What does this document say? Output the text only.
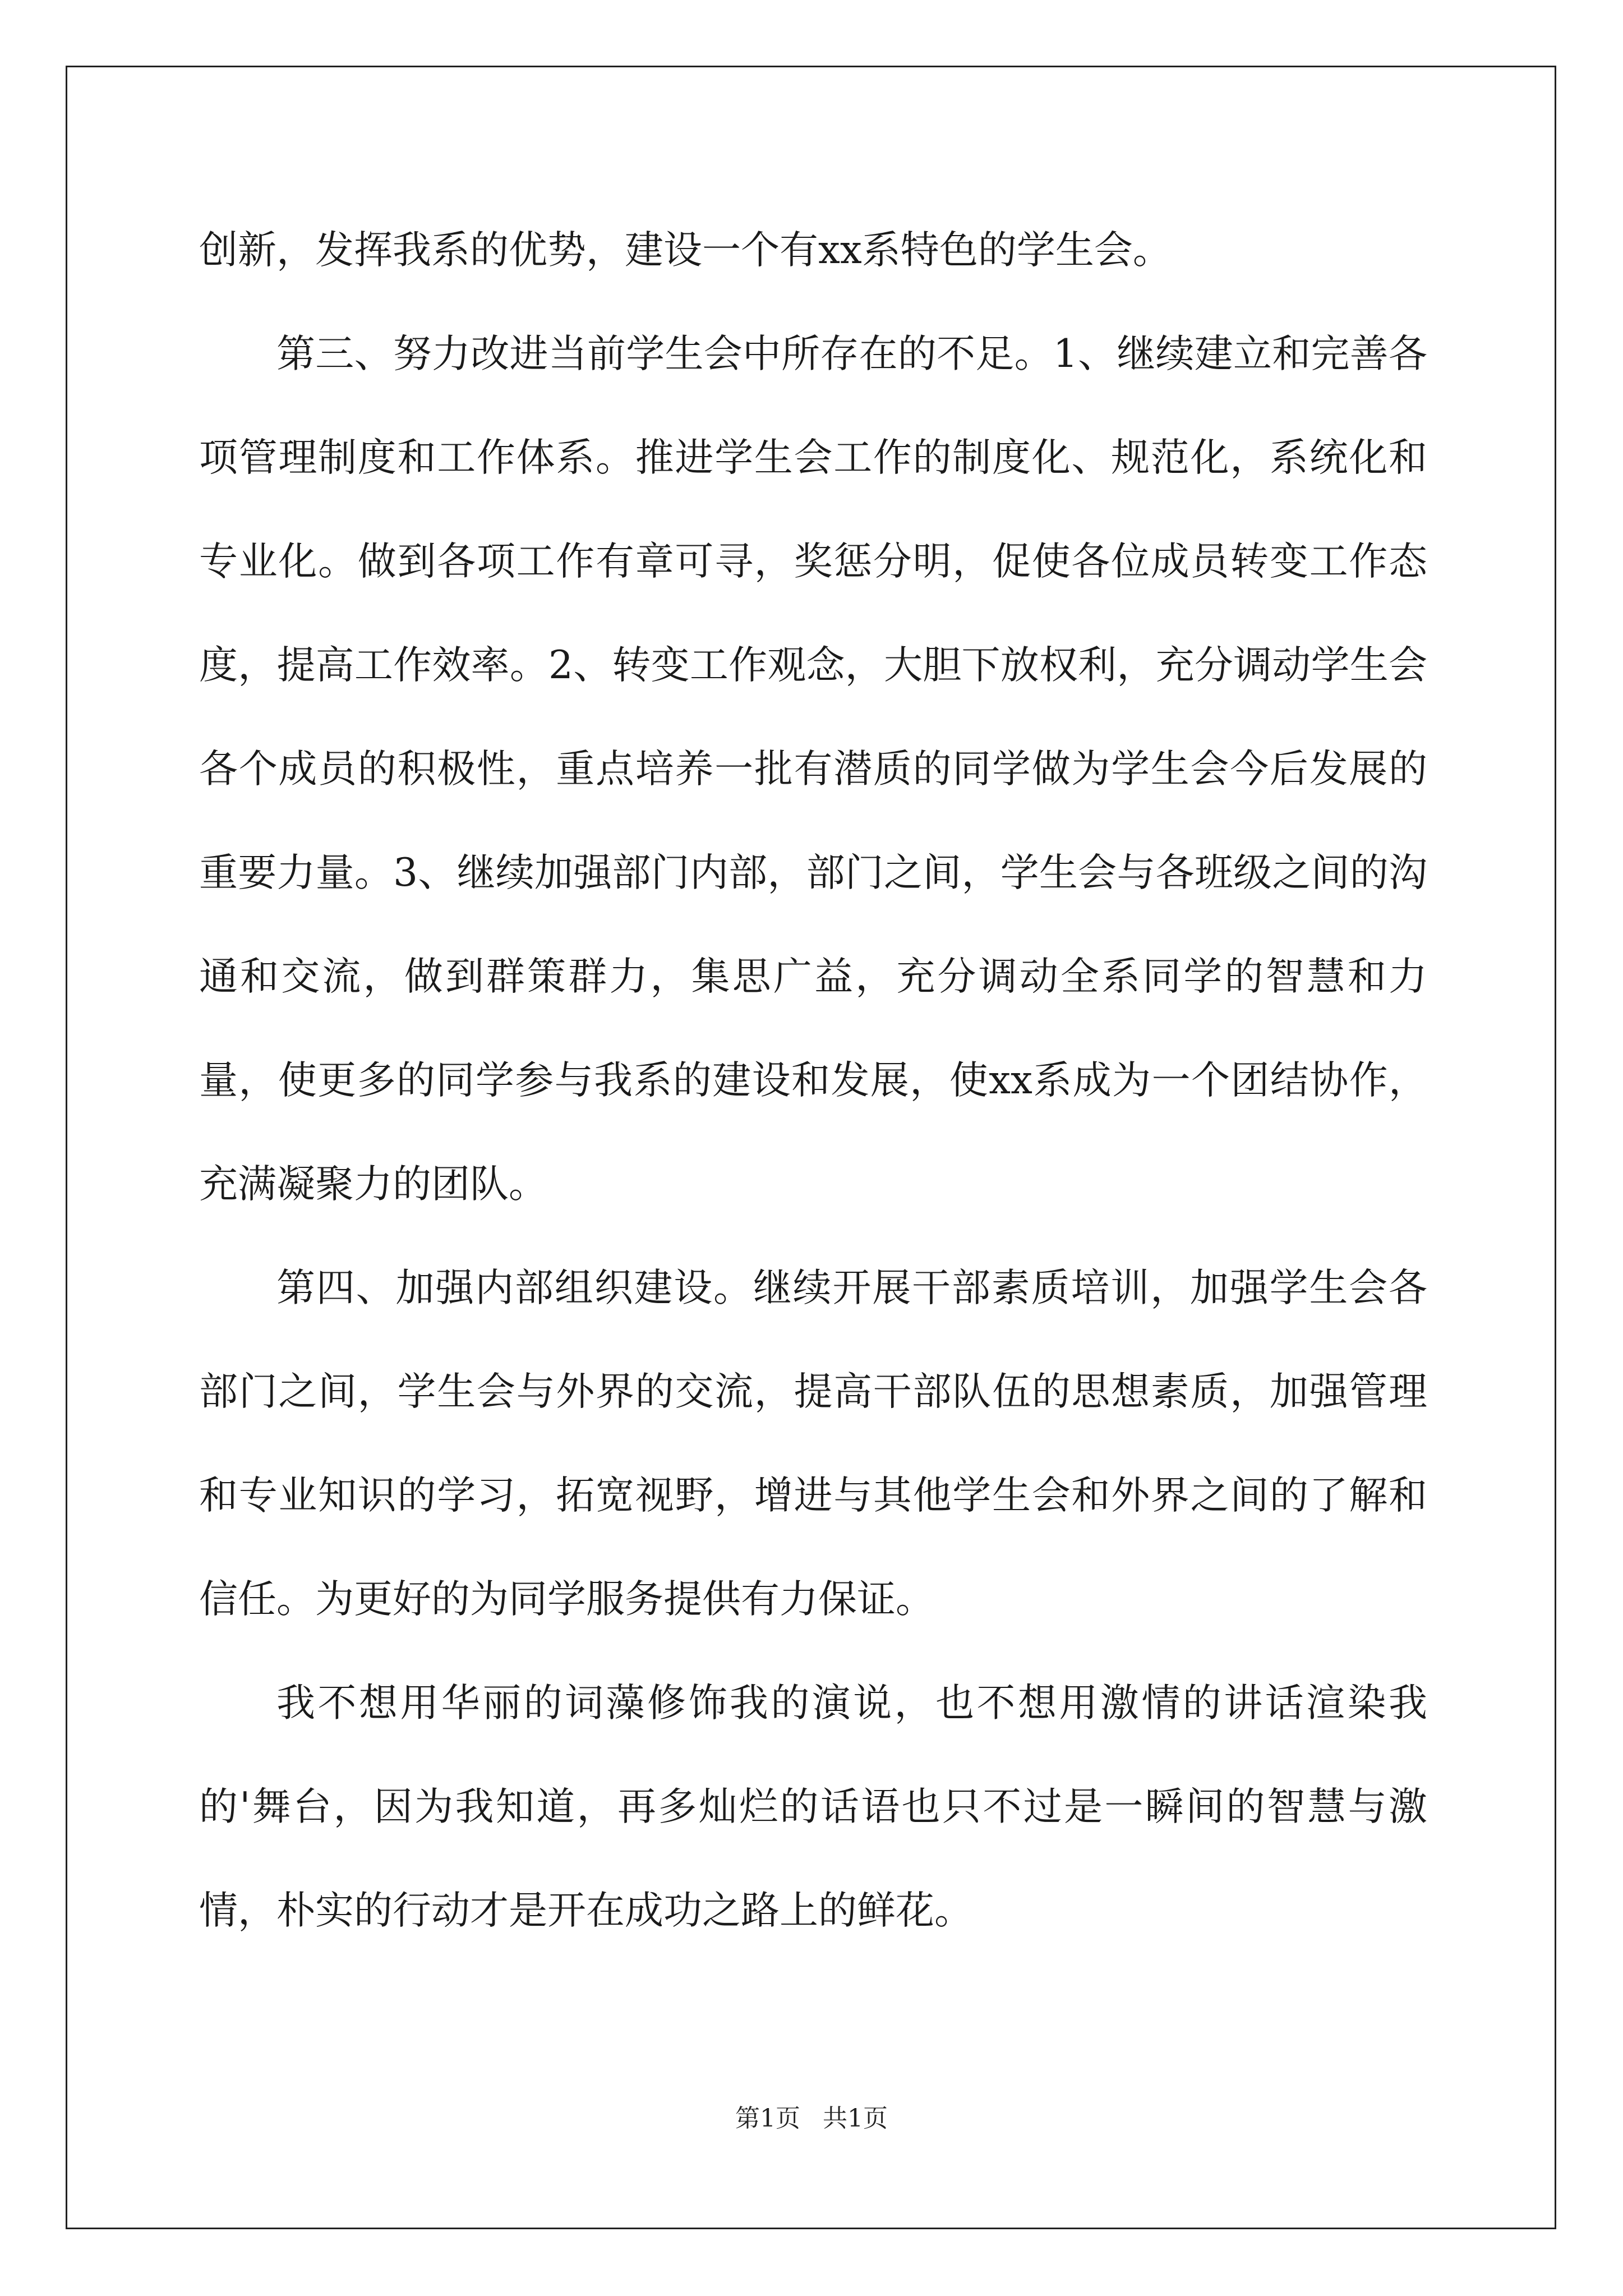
创新，发挥我系的优势，建设一个有xx系特色的学生会。

第三、努力改进当前学生会中所存在的不足。1、继续建立和完善各项管理制度和工作体系。推进学生会工作的制度化、规范化，系统化和专业化。做到各项工作有章可寻，奖惩分明，促使各位成员转变工作态度，提高工作效率。2、转变工作观念，大胆下放权利，充分调动学生会各个成员的积极性，重点培养一批有潜质的同学做为学生会今后发展的重要力量。3、继续加强部门内部，部门之间，学生会与各班级之间的沟通和交流，做到群策群力，集思广益，充分调动全系同学的智慧和力量，使更多的同学参与我系的建设和发展，使xx系成为一个团结协作，充满凝聚力的团队。

第四、加强内部组织建设。继续开展干部素质培训，加强学生会各部门之间，学生会与外界的交流，提高干部队伍的思想素质，加强管理和专业知识的学习，拓宽视野，增进与其他学生会和外界之间的了解和信任。为更好的为同学服务提供有力保证。

我不想用华丽的词藻修饰我的演说，也不想用激情的讲话渲染我的'舞台，因为我知道，再多灿烂的话语也只不过是一瞬间的智慧与激情，朴实的行动才是开在成功之路上的鲜花。

第1页 共1页
